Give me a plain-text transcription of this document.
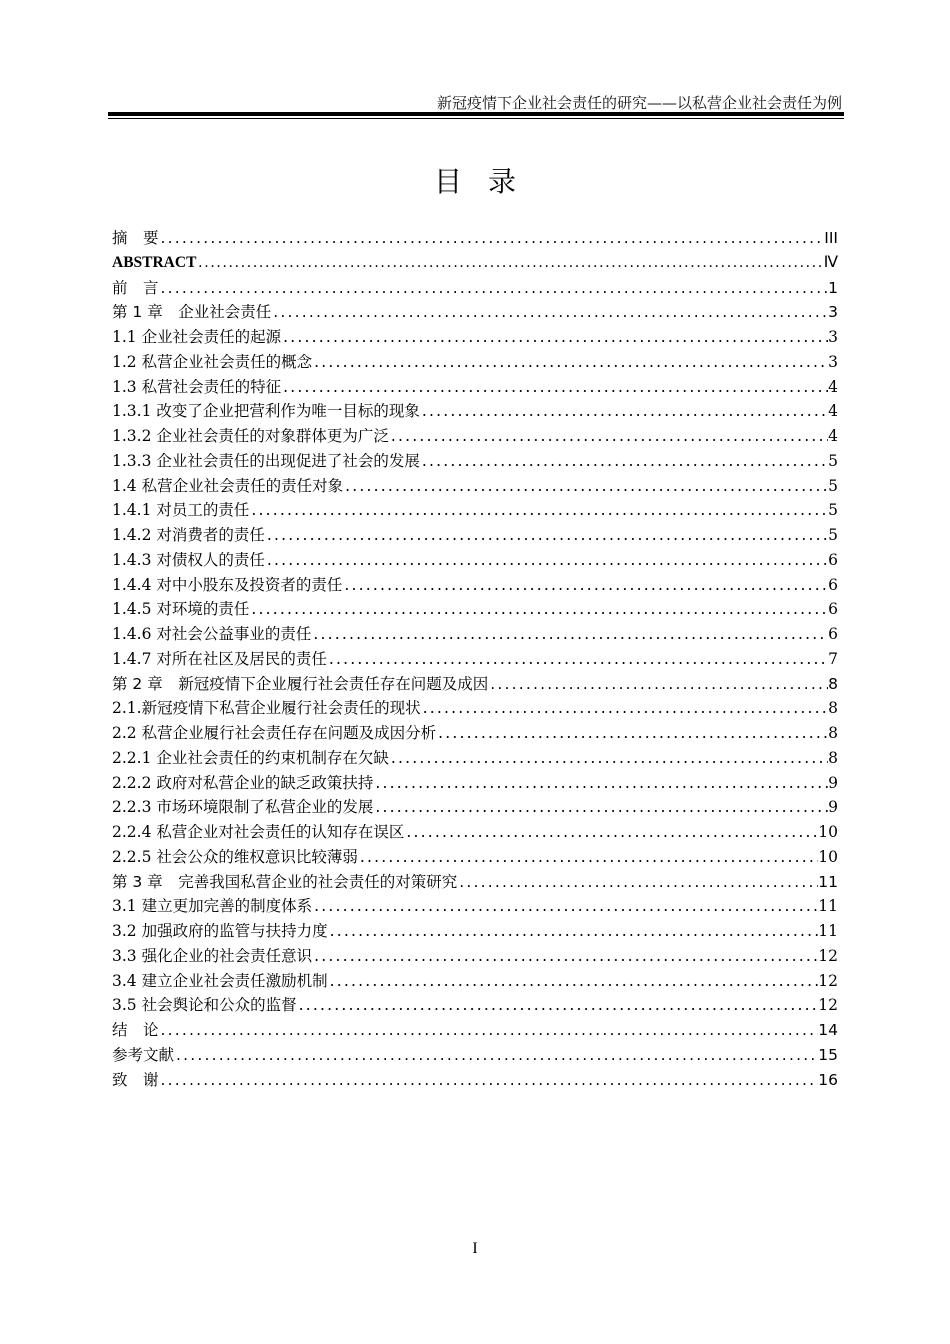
新冠疫情下企业社会责任的研究——以私营企业社会责任为例
目录
摘　要 .....	III
ABSTRACT .....	Ⅳ
前　言 .....	1
第 1 章　企业社会责任 .....	3
1.1 企业社会责任的起源 .....	3
1.2 私营企业社会责任的概念 .....	3
1.3 私营社会责任的特征 .....	4
1.3.1 改变了企业把营利作为唯一目标的现象 .....	4
1.3.2 企业社会责任的对象群体更为广泛 .....	4
1.3.3 企业社会责任的出现促进了社会的发展 .....	5
1.4 私营企业社会责任的责任对象 .....	5
1.4.1 对员工的责任 .....	5
1.4.2 对消费者的责任 .....	5
1.4.3 对债权人的责任 .....	6
1.4.4 对中小股东及投资者的责任 .....	6
1.4.5 对环境的责任 .....	6
1.4.6 对社会公益事业的责任 .....	6
1.4.7 对所在社区及居民的责任 .....	7
第 2 章　新冠疫情下企业履行社会责任存在问题及成因 .....	8
2.1.新冠疫情下私营企业履行社会责任的现状 .....	8
2.2 私营企业履行社会责任存在问题及成因分析 .....	8
2.2.1 企业社会责任的约束机制存在欠缺 .....	8
2.2.2 政府对私营企业的缺乏政策扶持 .....	9
2.2.3 市场环境限制了私营企业的发展 .....	9
2.2.4 私营企业对社会责任的认知存在误区 .....	10
2.2.5 社会公众的维权意识比较薄弱 .....	10
第 3 章　完善我国私营企业的社会责任的对策研究 .....	11
3.1 建立更加完善的制度体系 .....	11
3.2 加强政府的监管与扶持力度 .....	11
3.3 强化企业的社会责任意识 .....	12
3.4 建立企业社会责任激励机制 .....	12
3.5 社会舆论和公众的监督 .....	12
结　论 .....	14
参考文献 .....	15
致　谢 .....	16
I
